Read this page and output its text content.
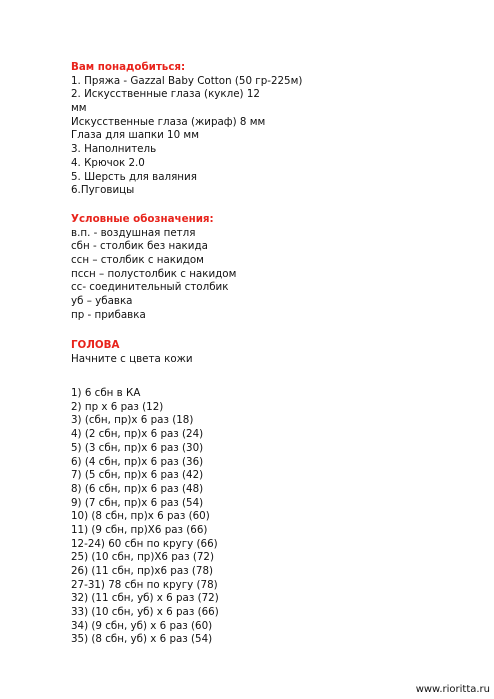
Вам понадобиться:
1. Пряжа - Gazzal Baby Cotton (50 гр-225м)
2. Искусственные глаза (кукле) 12
мм
Искусственные глаза (жираф) 8 мм
Глаза для шапки 10 мм
3. Наполнитель
4. Крючок 2.0
5. Шерсть для валяния
6.Пуговицы
Условные обозначения:
в.п. - воздушная петля
сбн - столбик без накида
ссн – столбик с накидом
пссн – полустолбик с накидом
сс- соединительный столбик
уб – убавка
пр - прибавка
ГОЛОВА
Начните с цвета кожи
1) 6 сбн в КА
2) пр х 6 раз (12)
3) (сбн, пр)х 6 раз (18)
4) (2 сбн, пр)х 6 раз (24)
5) (3 сбн, пр)х 6 раз (30)
6) (4 сбн, пр)х 6 раз (36)
7) (5 сбн, пр)х 6 раз (42)
8) (6 сбн, пр)х 6 раз (48)
9) (7 сбн, пр)х 6 раз (54)
10) (8 сбн, пр)х 6 раз (60)
11) (9 сбн, пр)Х6 раз (66)
12-24) 60 сбн по кругу (66)
25) (10 сбн, пр)Х6 раз (72)
26) (11 сбн, пр)х6 раз (78)
27-31) 78 сбн по кругу (78)
32) (11 сбн, уб) х 6 раз (72)
33) (10 сбн, уб) х 6 раз (66)
34) (9 сбн, уб) х 6 раз (60)
35) (8 сбн, уб) х 6 раз (54)
www.rioritta.ru
